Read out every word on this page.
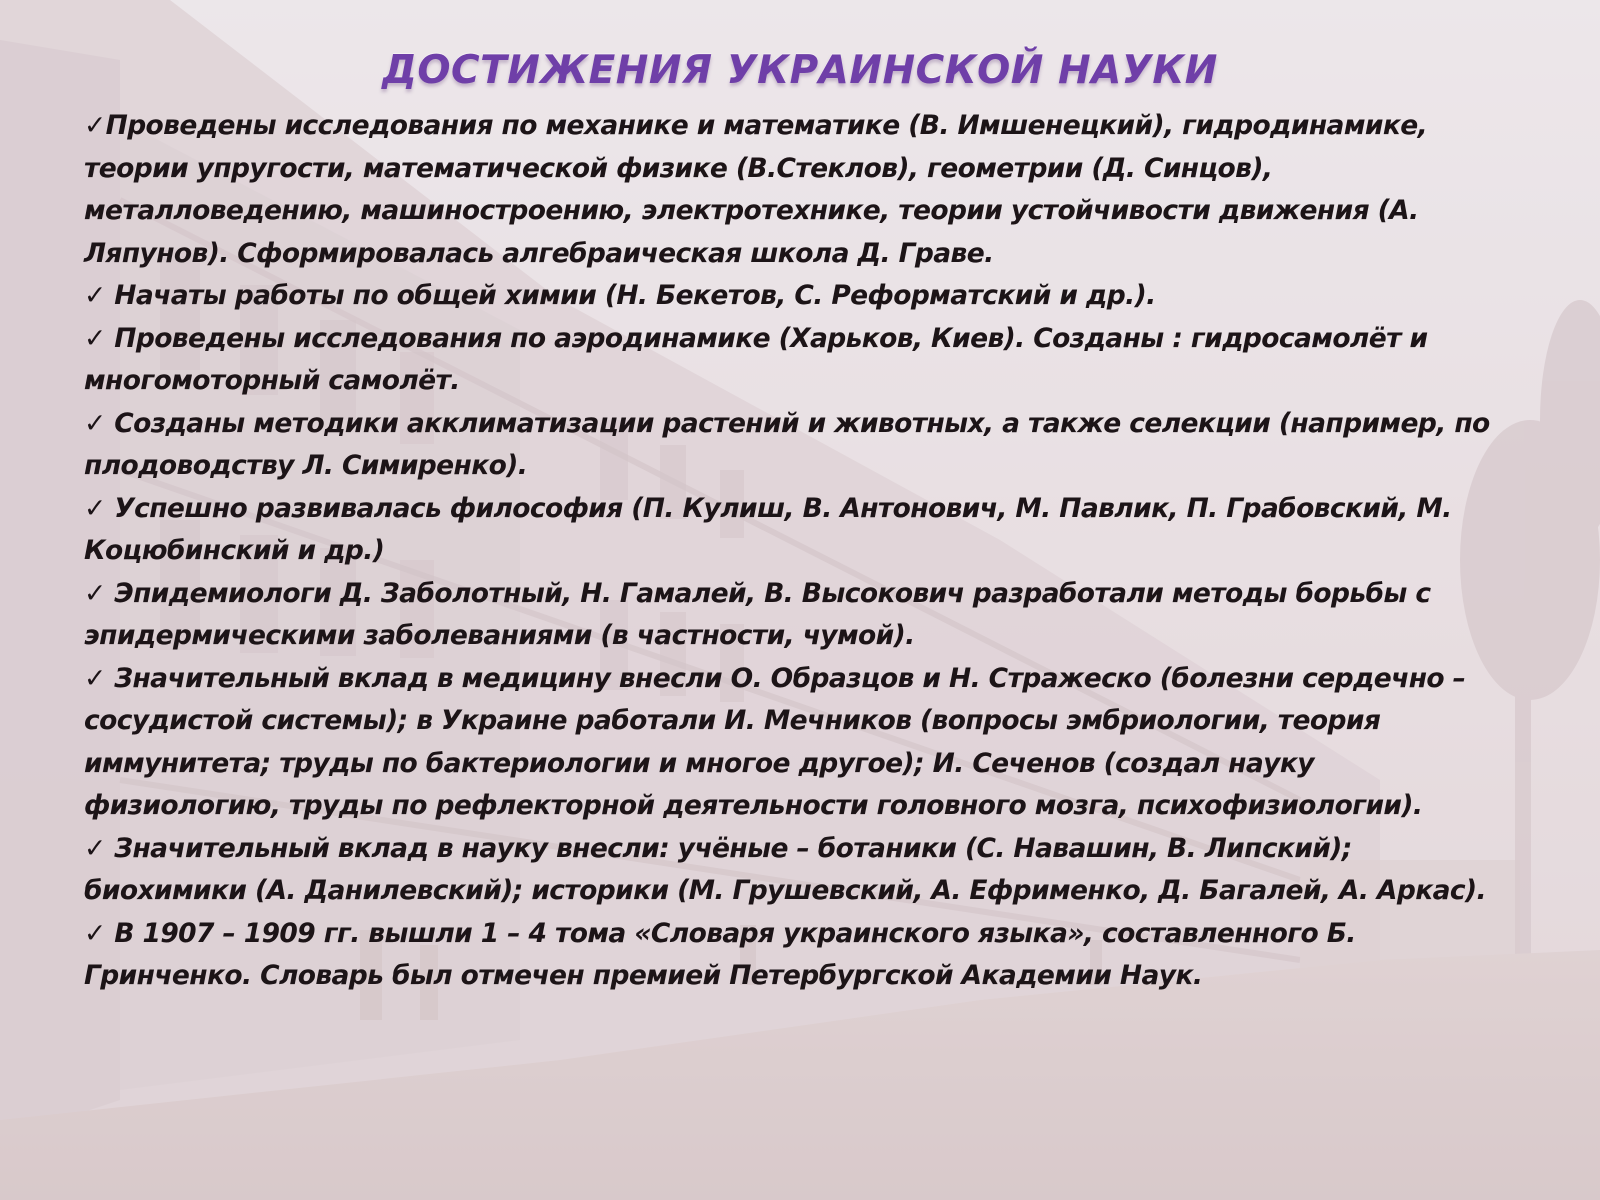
ДОСТИЖЕНИЯ УКРАИНСКОЙ НАУКИ
✓Проведены исследования по механике и математике (В. Имшенецкий), гидродинамике, теории упругости, математической физике (В.Стеклов), геометрии (Д. Синцов), металловедению, машиностроению, электротехнике, теории устойчивости движения (А. Ляпунов). Сформировалась алгебраическая школа Д. Граве.
✓ Начаты работы по общей химии (Н. Бекетов, С. Реформатский и др.).
✓ Проведены исследования по аэродинамике (Харьков, Киев). Созданы : гидросамолёт и многомоторный самолёт.
✓ Созданы методики акклиматизации растений и животных, а также селекции (например, по плодоводству Л. Симиренко).
✓ Успешно развивалась философия (П. Кулиш, В. Антонович, М. Павлик, П. Грабовский, М. Коцюбинский и др.)
✓ Эпидемиологи Д. Заболотный, Н. Гамалей, В. Высокович разработали методы борьбы с эпидермическими заболеваниями (в частности, чумой).
✓ Значительный вклад в медицину внесли О. Образцов и Н. Стражеско (болезни сердечно – сосудистой системы); в Украине работали И. Мечников (вопросы эмбриологии, теория иммунитета; труды по бактериологии и многое другое); И. Сеченов (создал науку физиологию, труды по рефлекторной деятельности головного мозга, психофизиологии).
✓ Значительный вклад в науку внесли: учёные – ботаники (С. Навашин, В. Липский); биохимики (А. Данилевский); историки (М. Грушевский, А. Ефрименко, Д. Багалей, А. Аркас).
✓ В 1907 – 1909 гг. вышли 1 – 4 тома «Словаря украинского языка», составленного Б. Гринченко. Словарь был отмечен премией Петербургской Академии Наук.
